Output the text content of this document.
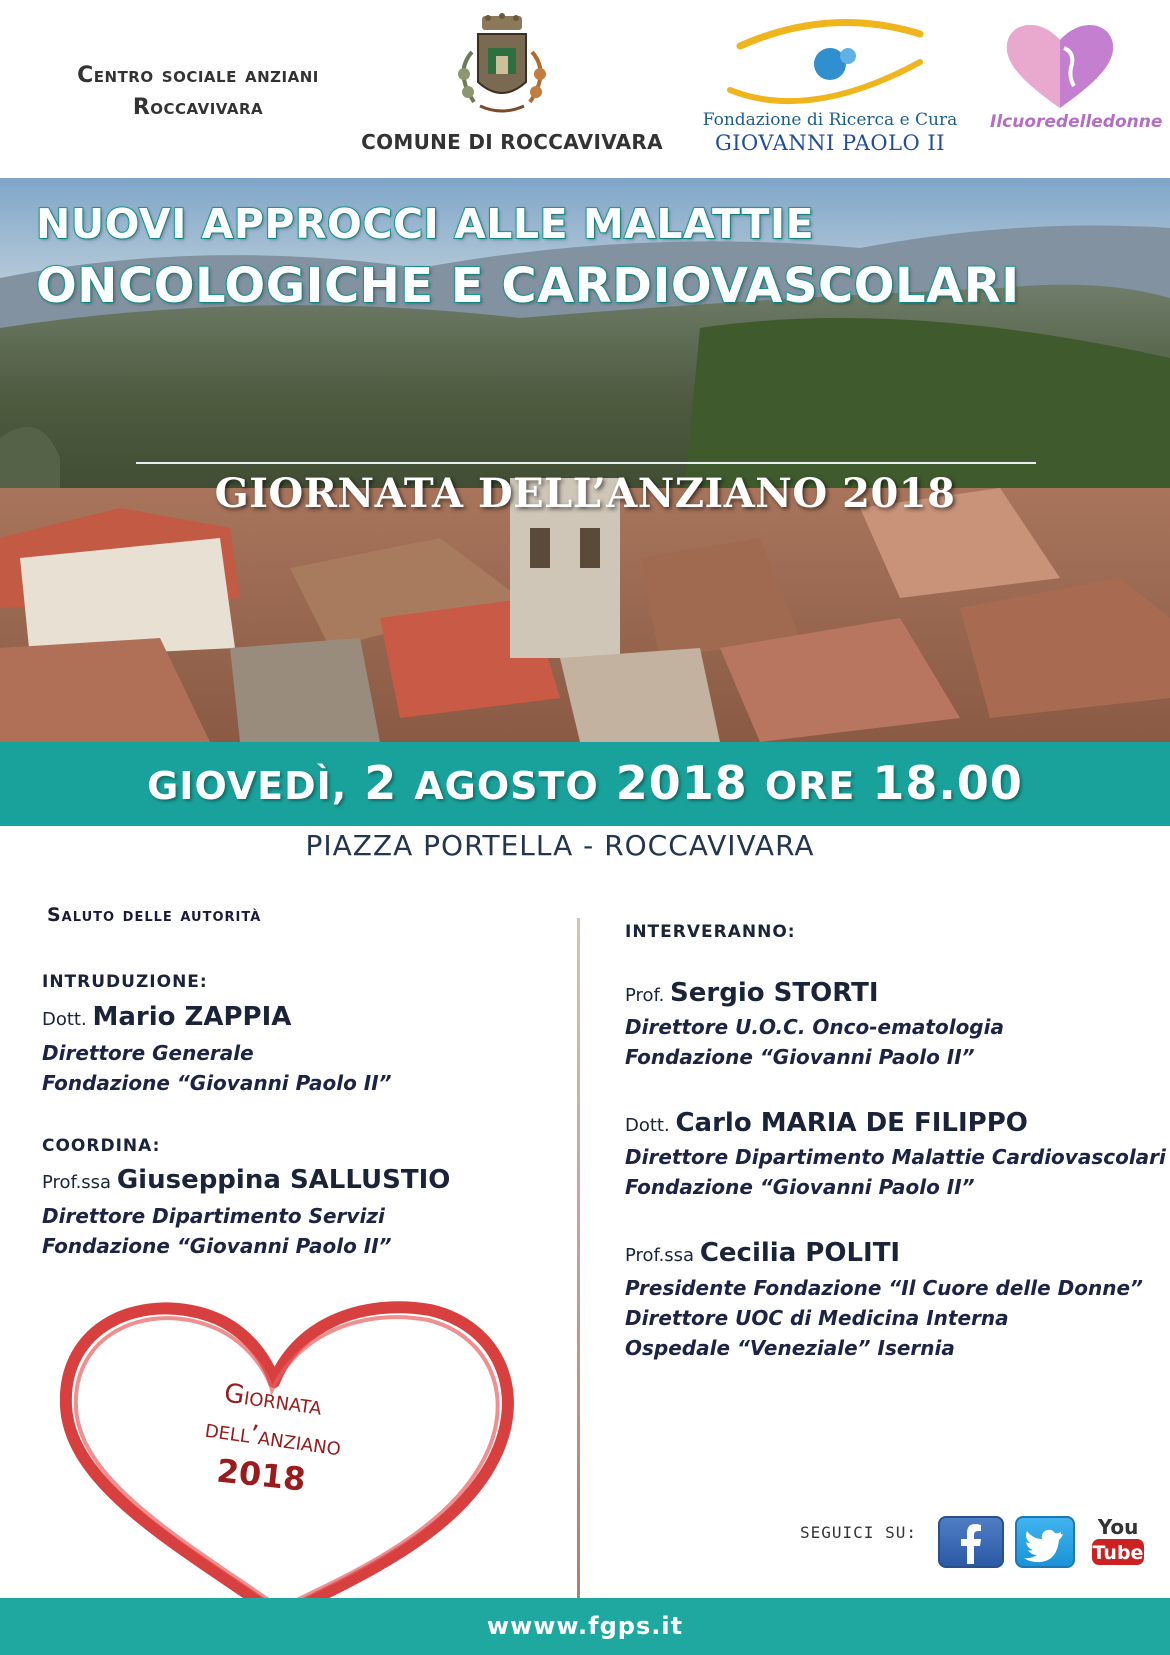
Centro sociale anziani
Roccavivara
COMUNE DI ROCCAVIVARA
Fondazione di Ricerca e Cura
GIOVANNI PAOLO II
Ilcuoredelledonne
NUOVI APPROCCI ALLE MALATTIE
ONCOLOGICHE E CARDIOVASCOLARI
GIORNATA DELL’ANZIANO 2018
GIOVEDÌ, 2 AGOSTO 2018 ORE 18.00
PIAZZA PORTELLA - ROCCAVIVARA
Saluto delle autorità
INTRUDUZIONE:
Dott. Mario ZAPPIA
Direttore Generale
Fondazione “Giovanni Paolo II”
COORDINA:
Prof.ssa Giuseppina SALLUSTIO
Direttore Dipartimento Servizi
Fondazione “Giovanni Paolo II”
INTERVERANNO:
Prof. Sergio STORTI
Direttore U.O.C. Onco-ematologia
Fondazione “Giovanni Paolo II”
Dott. Carlo MARIA DE FILIPPO
Direttore Dipartimento Malattie Cardiovascolari
Fondazione “Giovanni Paolo II”
Prof.ssa Cecilia POLITI
Presidente Fondazione “Il Cuore delle Donne”
Direttore UOC di Medicina Interna
Ospedale “Veneziale” Isernia
Giornata
dell’anziano
2018
SEGUICI SU:	You
Tube
wwww.fgps.it
